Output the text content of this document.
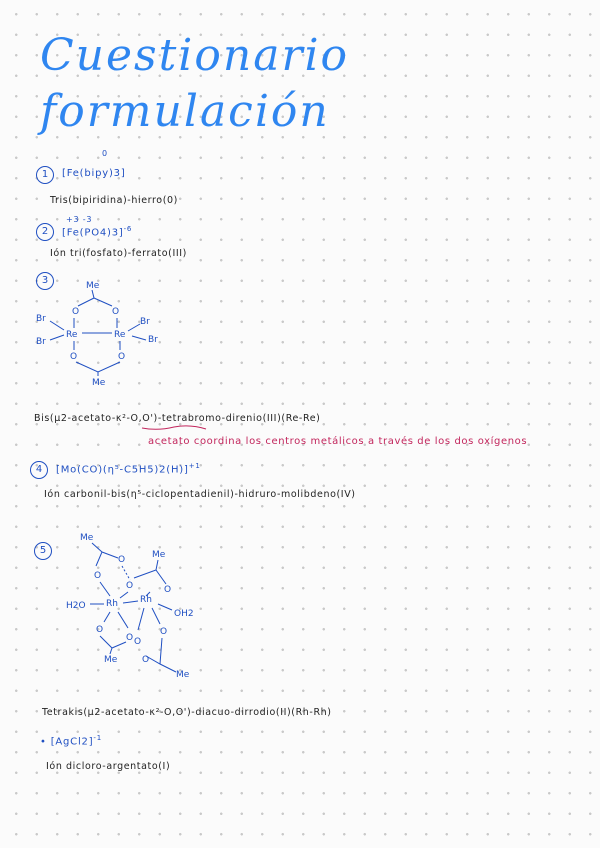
Cuestionario
formulación
0
1	[Fe(bipy)3]
Tris(bipiridina)-hierro(0)
+3 -3
2	$[Fe(PO4)3]^{-6}$
Ión tri(fosfato)-ferrato(III)
3	Me
O	O
Re	Re
Br
Br
Br
Br
O	O
Me
Bis(μ2-acetato-κ²-O,O')-tetrabromo-direnio(III)(Re-Re)
acetato coordina los centros metálicos a través de los dos oxígenos
4	$[Mo(CO)(\eta^5-C5H5)2(H)]^{+1}$
Ión carbonil-bis(η⁵-ciclopentadienil)-hidruro-molibdeno(IV)
5
Me
O
O	Me
O	O
H2O Rh Rh
OH2
O
O O
O
Me	O
Me
Tetrakis(μ2-acetato-κ²-O,O')-diacuo-dirrodio(II)(Rh-Rh)
• [AgCl2]$^{-1}$
Ión dicloro-argentato(I)
